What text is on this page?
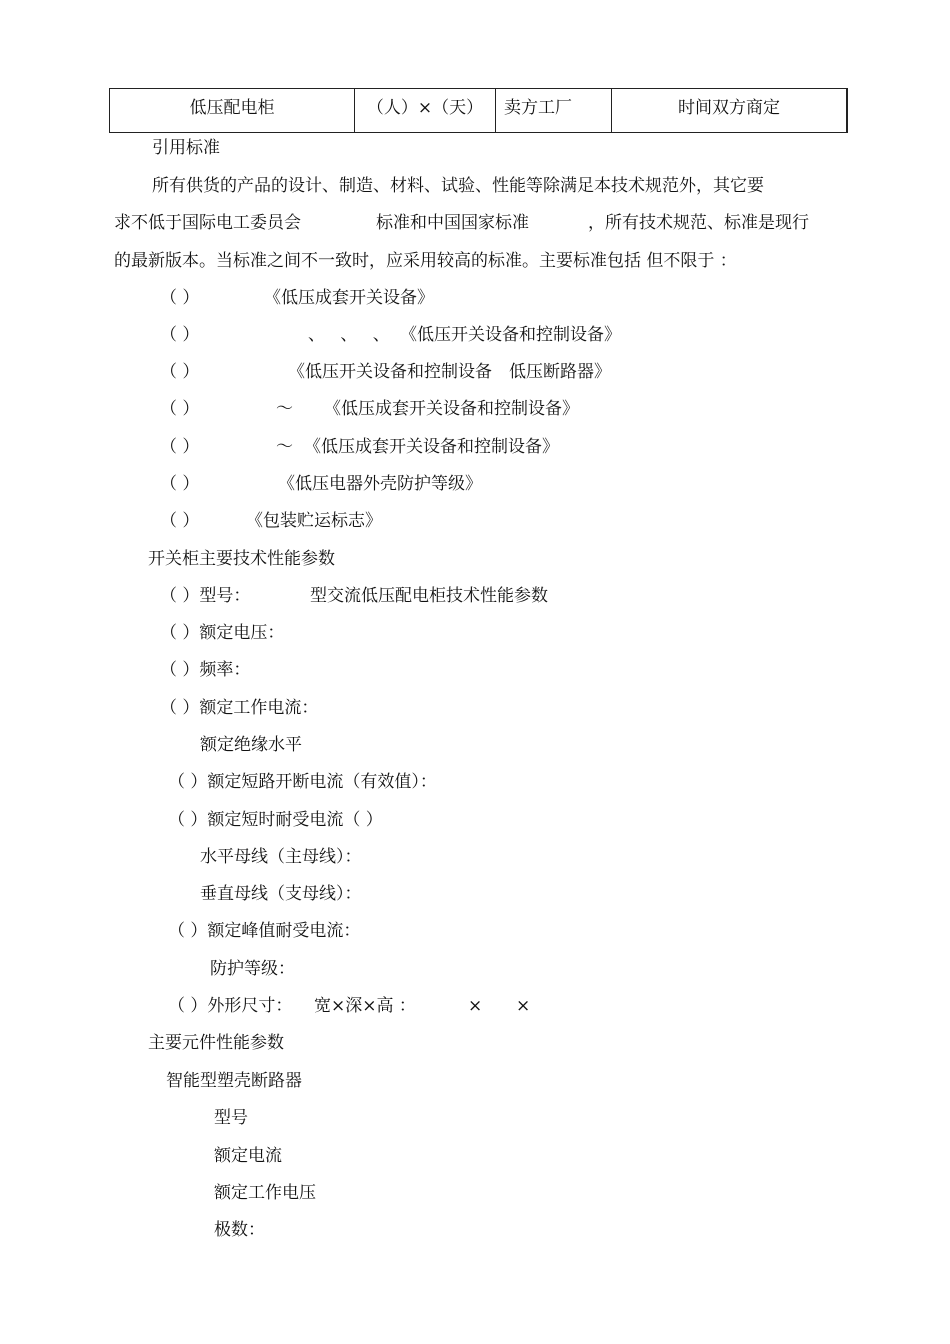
低压配电柜	（人）×（天）	卖方工厂	时间双方商定
引用标准
所有供货的产品的设计、制造、材料、试验、性能等除满足本技术规范外，其它要
求不低于国际电工委员会	标准和中国国家标准	，所有技术规范、标准是现行
的最新版本。当标准之间不一致时，应采用较高的标准。主要标准包括 但不限于 ：
（ ）	《低压成套开关设备》
（ ）	、 、 、 《低压开关设备和控制设备》
（ ）	《低压开关设备和控制设备　低压断路器》
（ ）	～ 《低压成套开关设备和控制设备》
（ ）	～ 《低压成套开关设备和控制设备》
（ ）	《低压电器外壳防护等级》
（ ）	《包装贮运标志》
开关柜主要技术性能参数
（ ）型号：	型交流低压配电柜技术性能参数
（ ）额定电压：
（ ）频率：
（ ）额定工作电流：
额定绝缘水平
（ ）额定短路开断电流（有效值）：
（ ）额定短时耐受电流（ ）
水平母线（主母线）：
垂直母线（支母线）：
（ ）额定峰值耐受电流：
防护等级：
（ ）外形尺寸： 宽×深×高 ：	× ×
主要元件性能参数
智能型塑壳断路器
型号
额定电流
额定工作电压
极数：
